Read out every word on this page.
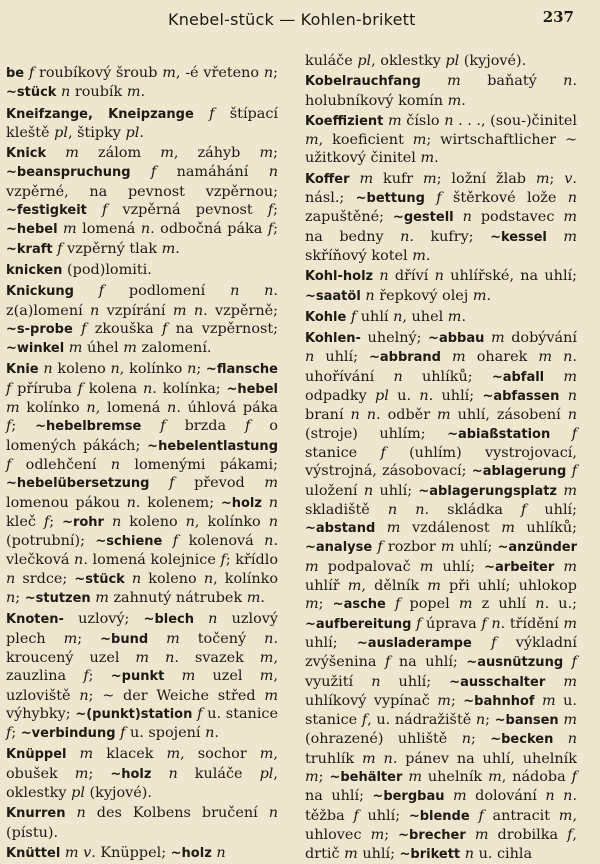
Knebel-stück — Kohlen-brikett	237

be f roubíkový šroub m, -é vřeteno n; ~stück n roubík m.

Kneifzange, Kneipzange f štípací kleště pl, štipky pl.

Knick m zálom m, záhyb m; ~beanspruchung f namáhání n vzpěrné, na pevnost vzpěrnou; ~festigkeit f vzpěrná pevnost f; ~hebel m lomená n. odbočná páka f; ~kraft f vzpěrný tlak m.

knicken (pod)lomiti.

Knickung f podlomení n n. z(a)lomení n vzpírání m n. vzpěrně; ~s-probe f zkouška f na vzpěrnost; ~winkel m úhel m zalomení.

Knie n koleno n, kolínko n; ~flansche f příruba f kolena n. kolínka; ~hebel m kolínko n, lomená n. úhlová páka f; ~hebelbremse f brzda f o lomených pákách; ~hebelentlastung f odlehčení n lomenými pákami; ~hebelübersetzung f převod m lomenou pákou n. kolenem; ~holz n kleč f; ~rohr n koleno n, kolínko n (potrubní); ~schiene f kolenová n. vlečková n. lomená kolejnice f; křídlo n srdce; ~stück n koleno n, kolínko n; ~stutzen m zahnutý nátrubek m.

Knoten- uzlový; ~blech n uzlový plech m; ~bund m točený n. kroucený uzel m n. svazek m, zauzlina f; ~punkt m uzel m, uzloviště n; ~ der Weiche střed m výhybky; ~(punkt)station f u. stanice f; ~verbindung f u. spojení n.

Knüppel m klacek m, sochor m, obušek m; ~holz n kuláče pl, oklestky pl (kyjové).

Knurren n des Kolbens bručení n (pístu).

Knüttel m v. Knüppel; ~holz n

kuláče pl, oklestky pl (kyjové).

Kobelrauchfang m baňatý n. holubníkový komín m.

Koeffizient m číslo n . . ., (sou-)činitel m, koeficient m; wirtschaftlicher ~ užitkový činitel m.

Koffer m kufr m; ložní žlab m; v. násl.; ~bettung f štěrkové lože n zapuštěné; ~gestell n podstavec m na bedny n. kufry; ~kessel m skříňový kotel m.

Kohl-holz n dříví n uhlířské, na uhlí; ~saatöl n řepkový olej m.

Kohle f uhlí n, uhel m.

Kohlen- uhelný; ~abbau m dobývání n uhlí; ~abbrand m oharek m n. uhořívání n uhlíků; ~abfall m odpadky pl u. n. uhlí; ~abfassen n braní n n. odběr m uhlí, zásobení n (stroje) uhlím; ~abiaßstation f stanice f (uhlím) vystrojovací, výstrojná, zásobovací; ~ablagerung f uložení n uhlí; ~ablagerungsplatz m skladiště n n. skládka f uhlí; ~abstand m vzdálenost m uhlíků; ~analyse f rozbor m uhlí; ~anzünder m podpalovač m uhlí; ~arbeiter m uhlíř m, dělník m při uhlí; uhlokop m; ~asche f popel m z uhlí n. u.; ~aufbereitung f úprava f n. třídění m uhlí; ~ausladerampe f výkladní zvýšenina f na uhlí; ~ausnützung f využití n uhlí; ~ausschalter m uhlíkový vypínač m; ~bahnhof m u. stanice f, u. nádražiště n; ~bansen m (ohrazené) uhliště n; ~becken n truhlík m n. pánev na uhlí, uhelník m; ~behälter m uhelník m, nádoba f na uhlí; ~bergbau m dolování n n. těžba f uhlí; ~blende f antracit m, uhlovec m; ~brecher m drobilka f, drtič m uhlí; ~brikett n u. cihla
